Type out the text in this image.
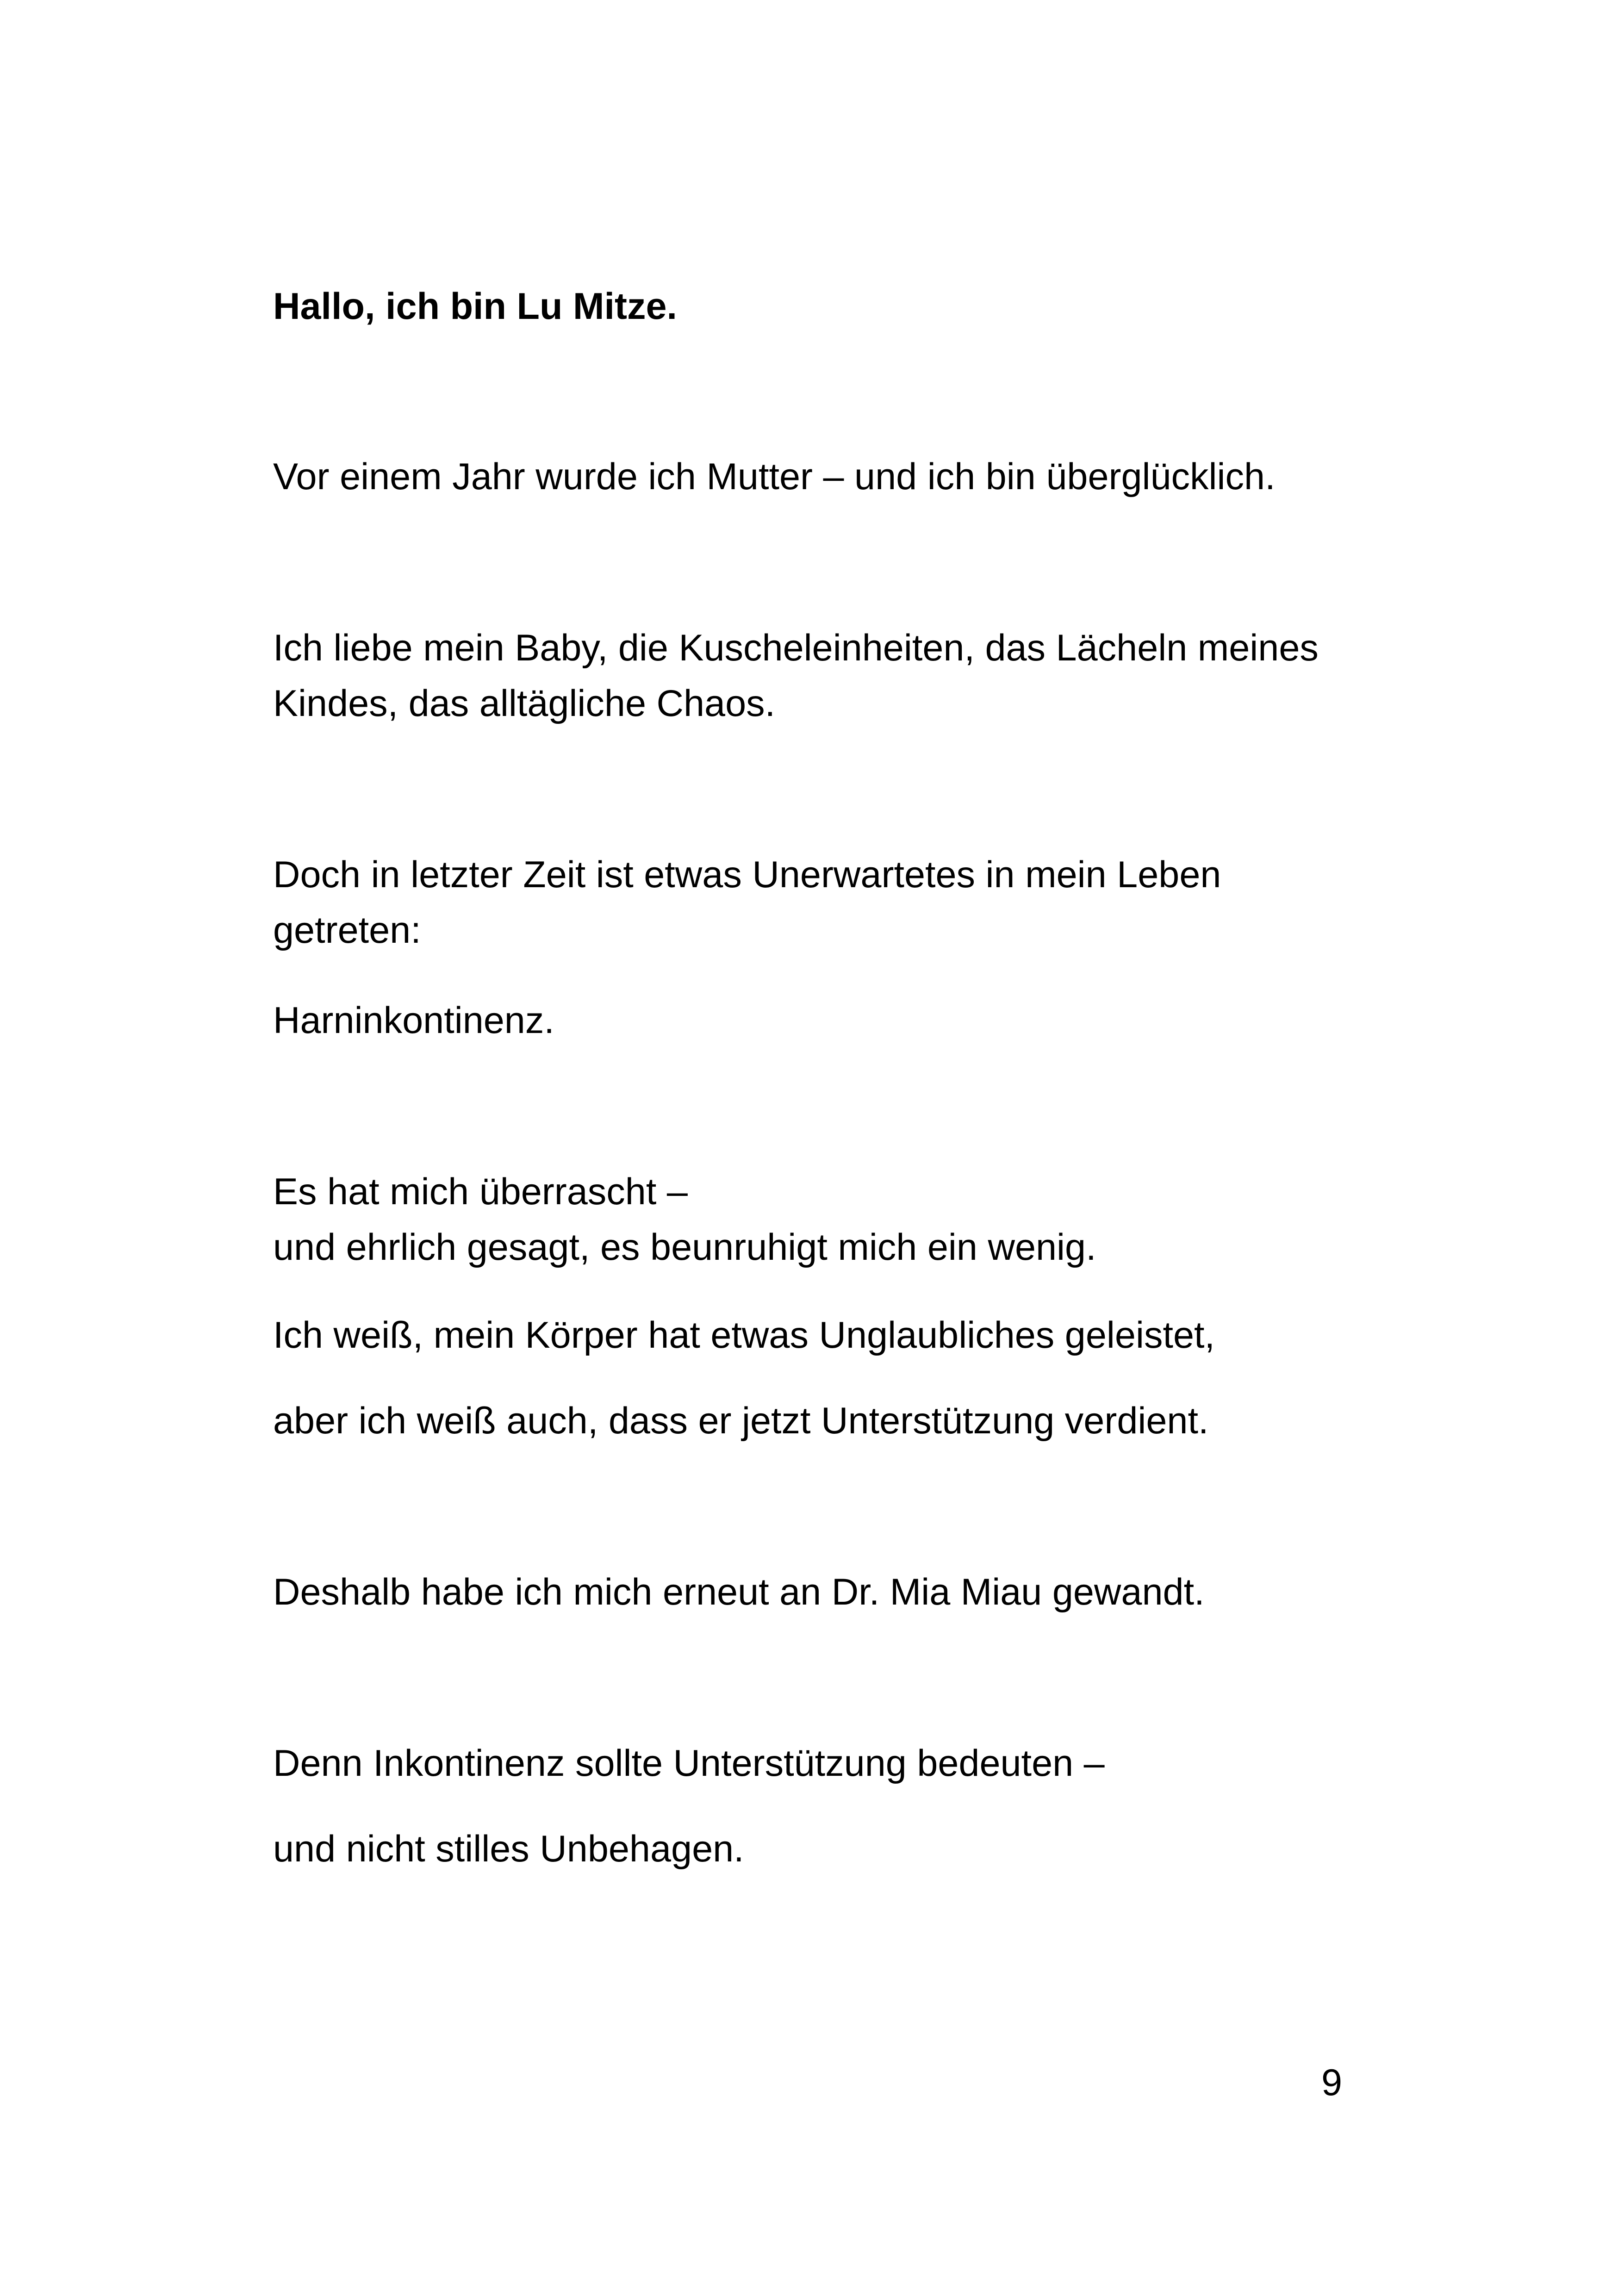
Hallo, ich bin Lu Mitze.
Vor einem Jahr wurde ich Mutter – und ich bin überglücklich.
Ich liebe mein Baby, die Kuscheleinheiten, das Lächeln meines
Kindes, das alltägliche Chaos.
Doch in letzter Zeit ist etwas Unerwartetes in mein Leben
getreten:
Harninkontinenz.
Es hat mich überrascht –
und ehrlich gesagt, es beunruhigt mich ein wenig.
Ich weiß, mein Körper hat etwas Unglaubliches geleistet,
aber ich weiß auch, dass er jetzt Unterstützung verdient.
Deshalb habe ich mich erneut an Dr. Mia Miau gewandt.
Denn Inkontinenz sollte Unterstützung bedeuten –
und nicht stilles Unbehagen.
9
